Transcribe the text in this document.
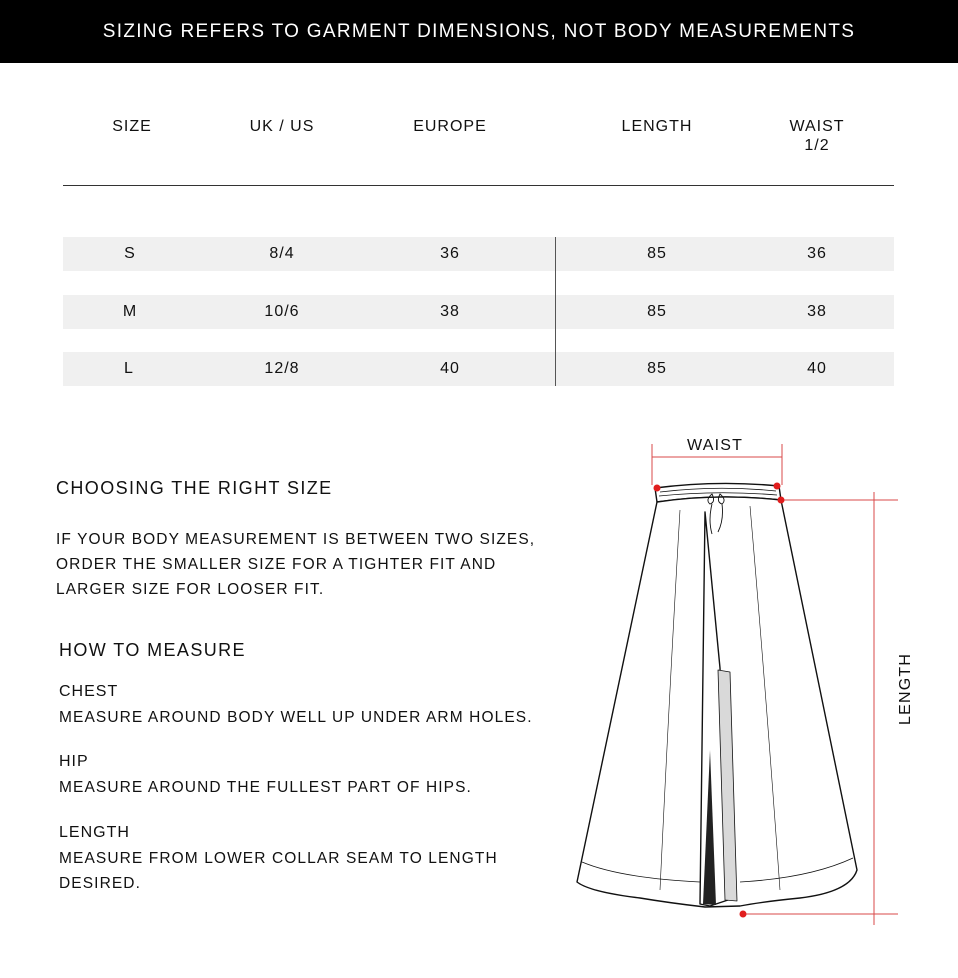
SIZING REFERS TO GARMENT DIMENSIONS, NOT BODY MEASUREMENTS
SIZE	UK / US	EUROPE	LENGTH	WAIST
1/2
S	8/4	36	85	36
M	10/6	38	85	38
L	12/8	40	85	40
CHOOSING THE RIGHT SIZE
IF YOUR BODY MEASUREMENT IS BETWEEN TWO SIZES,
ORDER THE SMALLER SIZE FOR A TIGHTER FIT AND
LARGER SIZE FOR LOOSER FIT.
HOW TO MEASURE
CHEST
MEASURE AROUND BODY WELL UP UNDER ARM HOLES.
HIP
MEASURE AROUND THE FULLEST PART OF HIPS.
LENGTH
MEASURE FROM LOWER COLLAR SEAM TO LENGTH
DESIRED.
WAIST
LENGTH
